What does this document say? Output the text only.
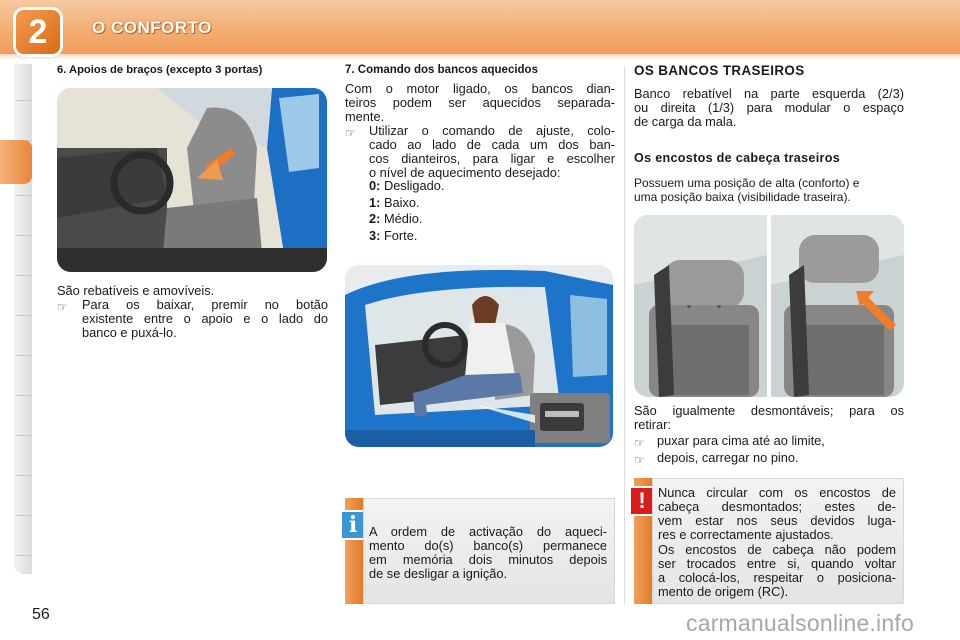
2	O CONFORTO
6. Apoios de braços (excepto 3 portas)
São rebatíveis e amovíveis.
☞ Para os baixar, premir no botão
existente entre o apoio e o lado do
banco e puxá-lo.
7. Comando dos bancos aquecidos
Com o motor ligado, os bancos dian-
teiros podem ser aquecidos separada-
mente.
☞ Utilizar o comando de ajuste, colo-
cado ao lado de cada um dos ban-
cos dianteiros, para ligar e escolher
o nível de aquecimento desejado:
0: Desligado.
1: Baixo.
2: Médio.
3: Forte.
i A ordem de activação do aqueci-
mento do(s) banco(s) permanece
em memória dois minutos depois
de se desligar a ignição.
OS BANCOS TRASEIROS
Banco rebatível na parte esquerda (2/3)
ou direita (1/3) para modular o espaço
de carga da mala.
Os encostos de cabeça traseiros
Possuem uma posição de alta (conforto) e
uma posição baixa (visibilidade traseira).
São igualmente desmontáveis; para os
retirar:
☞ puxar para cima até ao limite,
☞ depois, carregar no pino.
! Nunca circular com os encostos de
cabeça desmontados; estes de-
vem estar nos seus devidos luga-
res e correctamente ajustados.
Os encostos de cabeça não podem
ser trocados entre si, quando voltar
a colocá-los, respeitar o posiciona-
mento de origem (RC).
56	carmanualsonline.info
